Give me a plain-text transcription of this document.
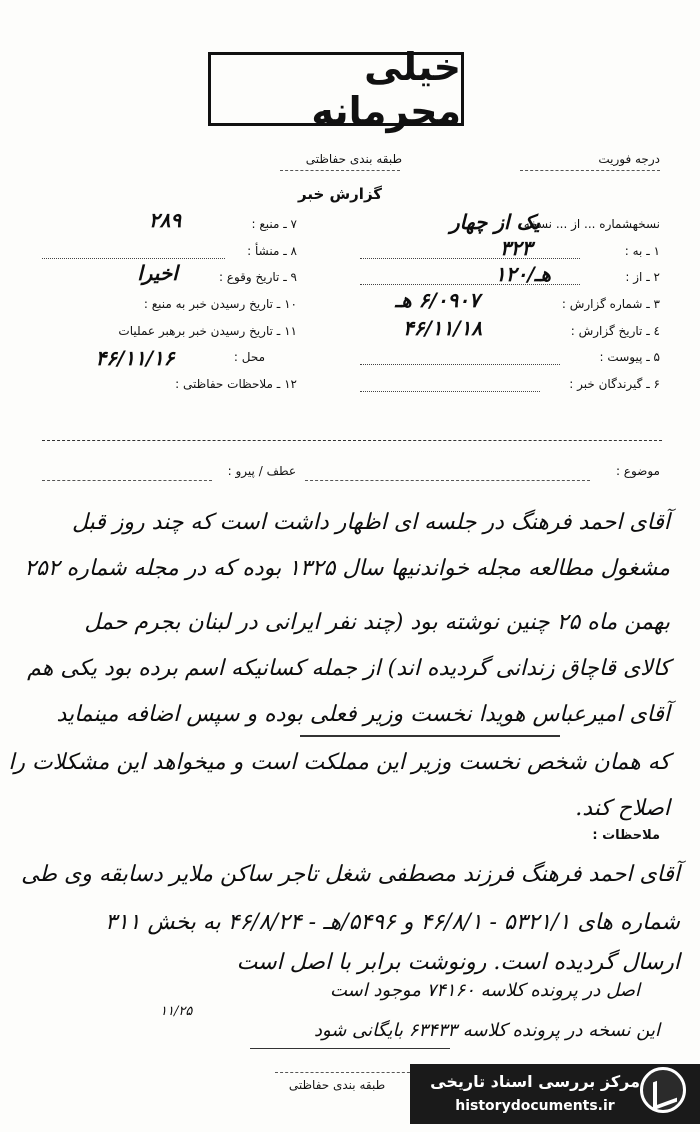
خیلی محرمانه
طبقه بندی حفاظتی	درجه فوریت
گزارش خبر
نسخهشماره ... از ... نسخه
یک از چهار
۱ ـ به :
۳۲۳
۲ ـ از :
۱۲۰/هـ
۳ ـ شماره گزارش :
۶/۰۹۰۷ هـ
٤ ـ تاریخ گزارش :
۴۶/۱۱/۱۸
۵ ـ پیوست :
۶ ـ گیرندگان خبر :
۷ ـ منبع :
۲۸۹
۸ ـ منشأ :
۹ ـ تاریخ وقوع :
اخیرا
۱۰ ـ تاریخ رسیدن خبر به منبع :
۱۱ ـ تاریخ رسیدن خبر برهبر عملیات
محل :
۴۶/۱۱/۱۶
۱۲ ـ ملاحظات حفاظتی :
موضوع :
عطف / پیرو :
آقای احمد فرهنگ در جلسه ای اظهار داشت است که چند روز قبل
مشغول مطالعه مجله خواندنیها سال ۱۳۲۵ بوده که در مجله شماره ۲۵۲
بهمن ماه ۲۵ چنین نوشته بود (چند نفر ایرانی در لبنان بجرم حمل
کالای قاچاق زندانی گردیده اند) از جمله کسانیکه اسم برده بود یکی هم
آقای امیرعباس هویدا نخست وزیر فعلی بوده و سپس اضافه مینماید
که همان شخص نخست وزیر این مملکت است و میخواهد این مشکلات را
اصلاح کند.
ملاحظات :
آقای احمد فرهنگ فرزند مصطفی شغل تاجر ساکن ملایر دسابقه وی طی
شماره های ۵۳۲۱/۱ - ۴۶/۸/۱ و ۵۴۹۶/هـ - ۴۶/۸/۲۴ به بخش ۳۱۱
ارسال گردیده است. رونوشت برابر با اصل است
اصل در پرونده کلاسه ۷۴۱۶۰ موجود است
این نسخه در پرونده کلاسه ۶۳۴۳۳ بایگانی شود
۱۱/۲۵
طبقه بندی حفاظتی	مرکز بررسی اسناد تاریخی
historydocuments.ir
